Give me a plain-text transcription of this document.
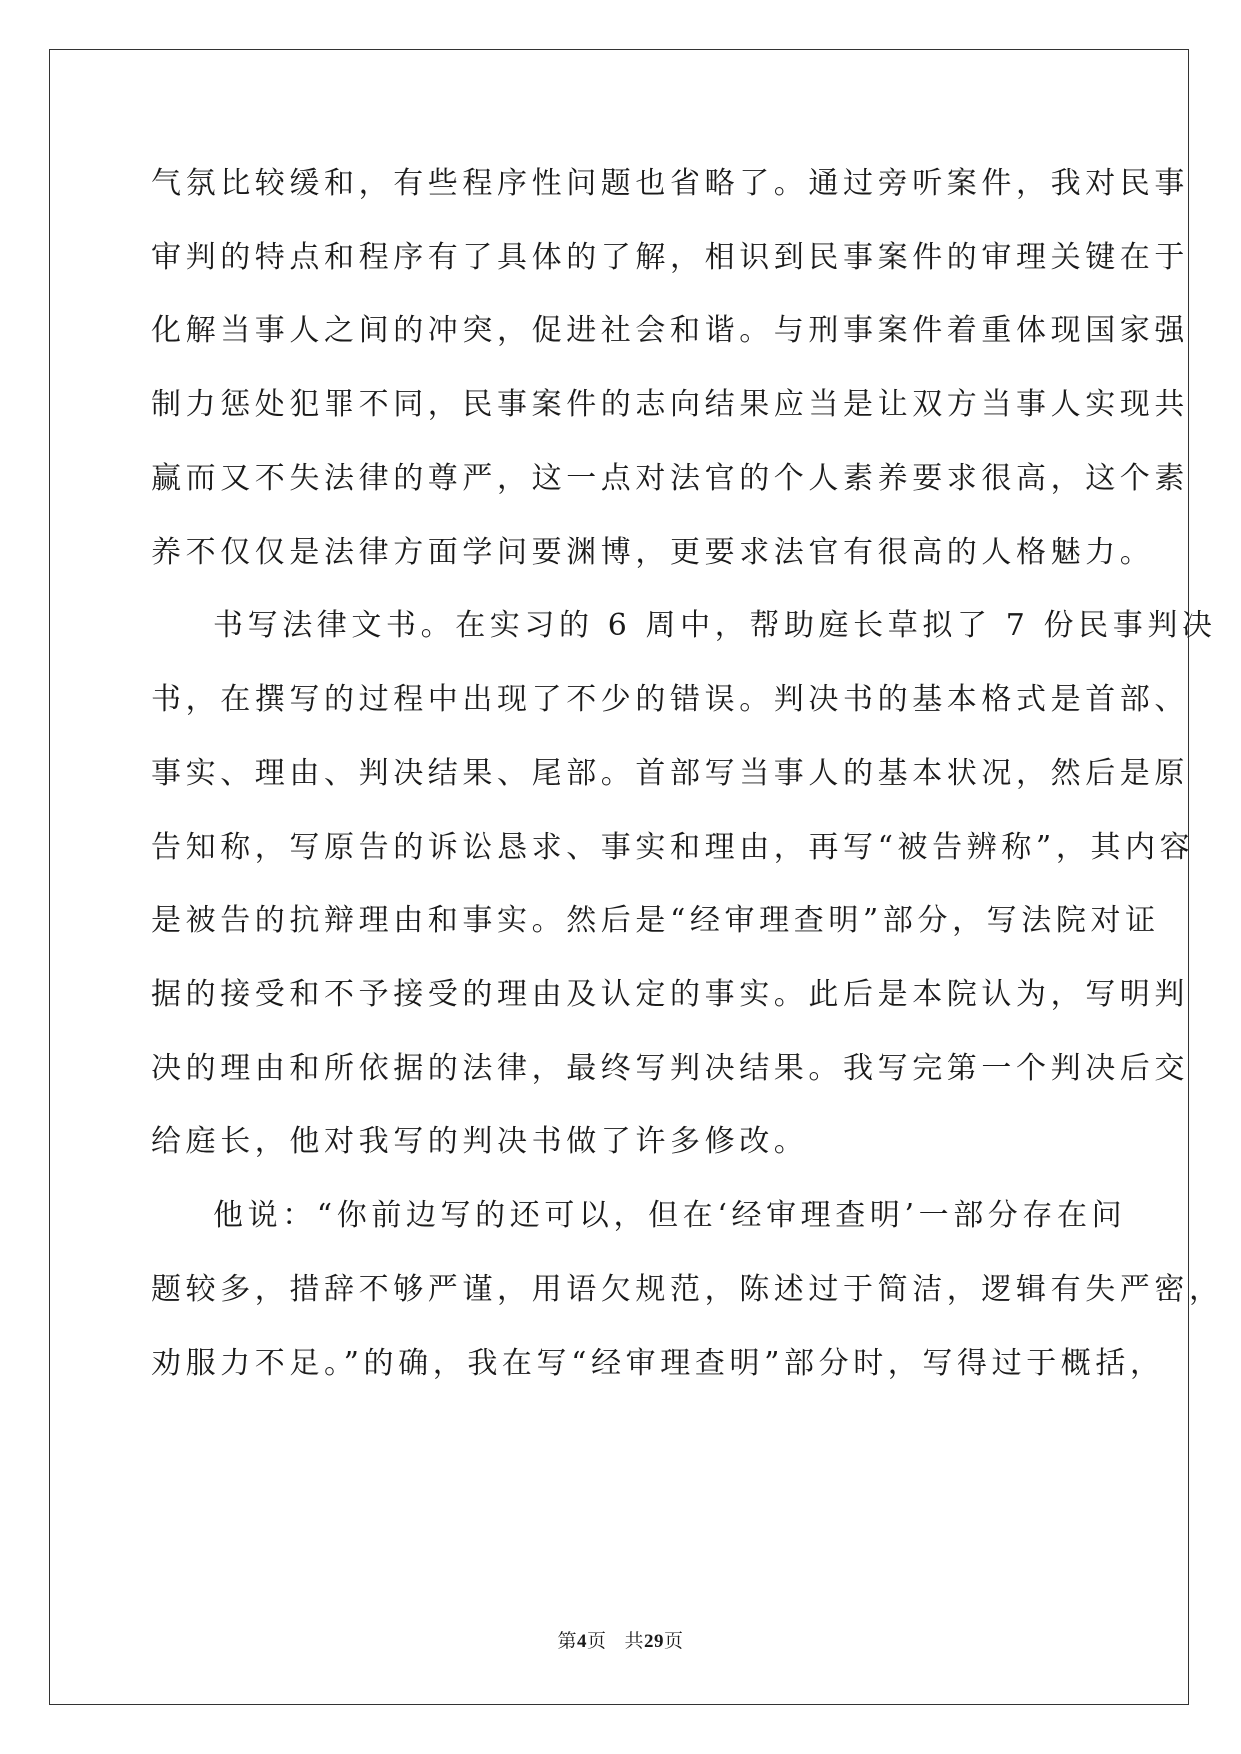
气氛比较缓和，有些程序性问题也省略了。通过旁听案件，我对民事
审判的特点和程序有了具体的了解，相识到民事案件的审理关键在于
化解当事人之间的冲突，促进社会和谐。与刑事案件着重体现国家强
制力惩处犯罪不同，民事案件的志向结果应当是让双方当事人实现共
赢而又不失法律的尊严，这一点对法官的个人素养要求很高，这个素
养不仅仅是法律方面学问要渊博，更要求法官有很高的人格魅力。
书写法律文书。在实习的 6 周中，帮助庭长草拟了 7 份民事判决
书，在撰写的过程中出现了不少的错误。判决书的基本格式是首部、
事实、理由、判决结果、尾部。首部写当事人的基本状况，然后是原
告知称，写原告的诉讼恳求、事实和理由，再写“被告辨称”，其内容
是被告的抗辩理由和事实。然后是“经审理查明”部分，写法院对证
据的接受和不予接受的理由及认定的事实。此后是本院认为，写明判
决的理由和所依据的法律，最终写判决结果。我写完第一个判决后交
给庭长，他对我写的判决书做了许多修改。
他说：“你前边写的还可以，但在‘经审理查明’一部分存在问
题较多，措辞不够严谨，用语欠规范，陈述过于简洁，逻辑有失严密，
劝服力不足。”的确，我在写“经审理查明”部分时，写得过于概括，
第4页 共29页
